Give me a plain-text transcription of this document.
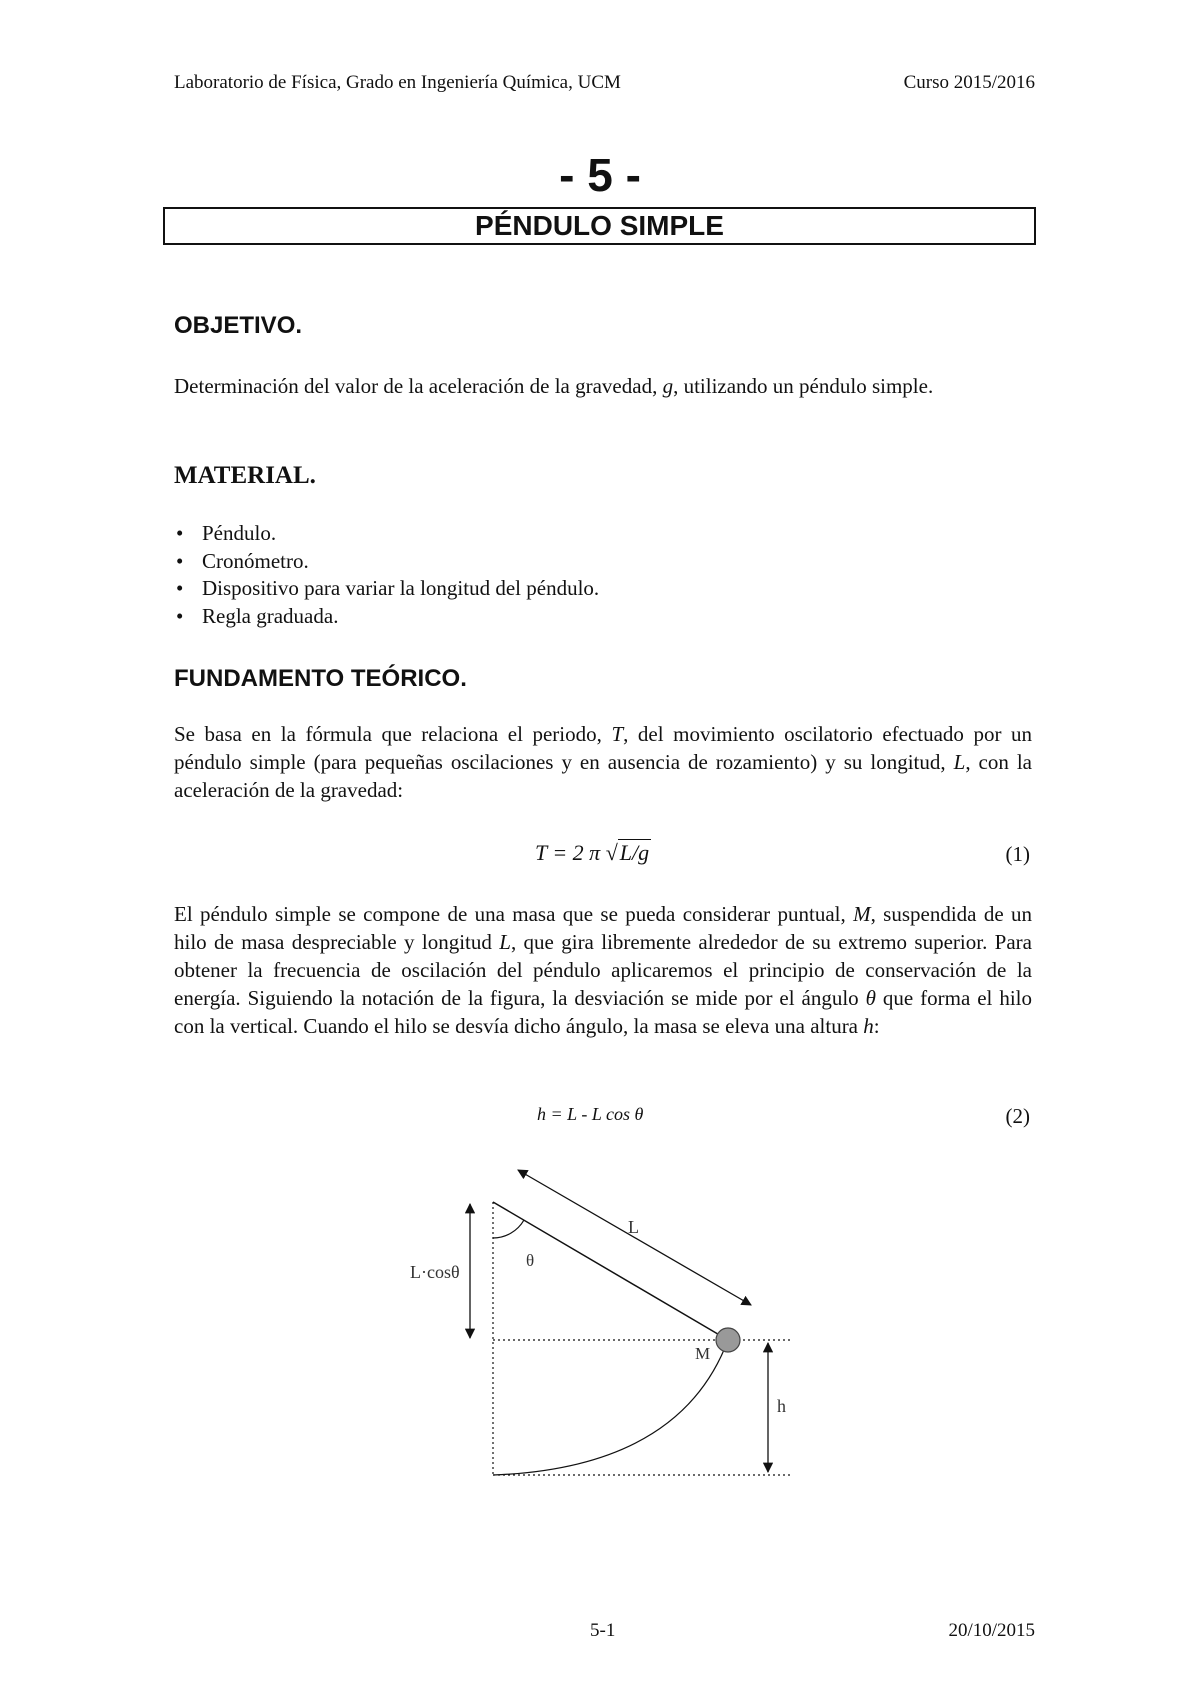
Laboratorio de Física, Grado en Ingeniería Química, UCM	Curso 2015/2016
- 5 -
PÉNDULO SIMPLE
OBJETIVO.

Determinación del valor de la aceleración de la gravedad, g, utilizando un péndulo simple.

MATERIAL.
• Péndulo.
• Cronómetro.
• Dispositivo para variar la longitud del péndulo.
• Regla graduada.
FUNDAMENTO TEÓRICO.

Se basa en la fórmula que relaciona el periodo, T, del movimiento oscilatorio efectuado por un péndulo simple (para pequeñas oscilaciones y en ausencia de rozamiento) y su longitud, L, con la aceleración de la gravedad:

T = 2 π √L/g	(1)

El péndulo simple se compone de una masa que se pueda considerar puntual, M, suspendida de un hilo de masa despreciable y longitud L, que gira libremente alrededor de su extremo superior. Para obtener la frecuencia de oscilación del péndulo aplicaremos el principio de conservación de la energía. Siguiendo la notación de la figura, la desviación se mide por el ángulo θ que forma el hilo con la vertical. Cuando el hilo se desvía dicho ángulo, la masa se eleva una altura h:

h = L - L cos θ	(2)
L
L·cosθ
θ
M
h
5-1	20/10/2015
